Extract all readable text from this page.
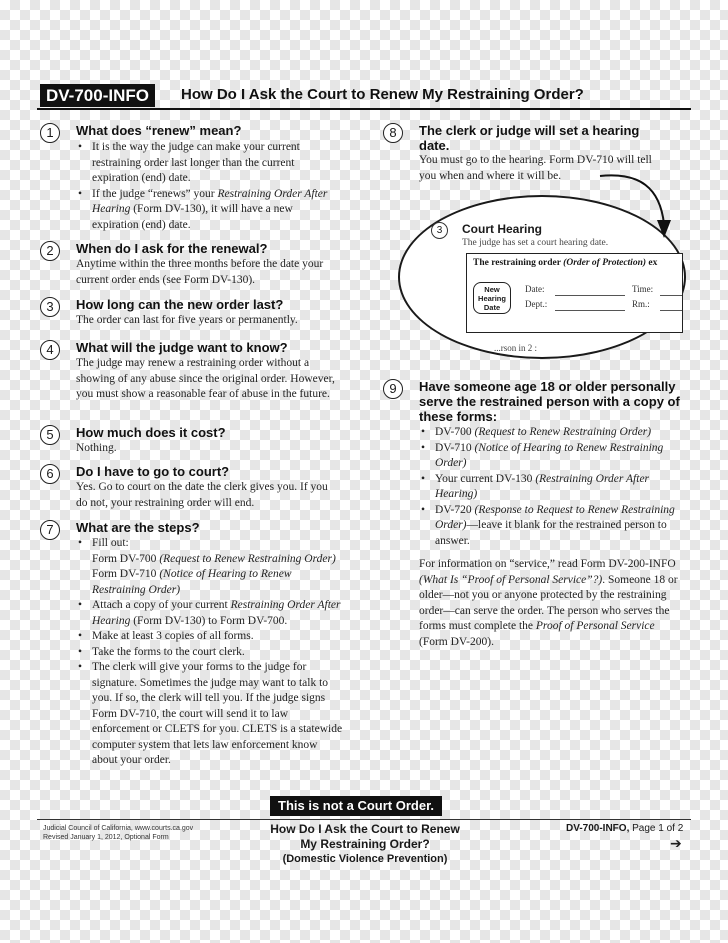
DV-700-INFO	How Do I Ask the Court to Renew My Restraining Order?
1	What does “renew” mean?
• It is the way the judge can make your current restraining order last longer than the current expiration (end) date.
• If the judge “renews” your Restraining Order After Hearing (Form DV-130), it will have a new expiration (end) date.
2	When do I ask for the renewal?
Anytime within the three months before the date your current order ends (see Form DV-130).
3	How long can the new order last?
The order can last for five years or permanently.
4	What will the judge want to know?
The judge may renew a restraining order without a showing of any abuse since the original order. However, you must show a reasonable fear of abuse in the future.
5	How much does it cost?
Nothing.
6	Do I have to go to court?
Yes. Go to court on the date the clerk gives you. If you do not, your restraining order will end.
7	What are the steps?
• Fill out:
Form DV-700 (Request to Renew Restraining Order)
Form DV-710 (Notice of Hearing to Renew Restraining Order)
• Attach a copy of your current Restraining Order After Hearing (Form DV-130) to Form DV-700.
• Make at least 3 copies of all forms.
• Take the forms to the court clerk.
• The clerk will give your forms to the judge for signature. Sometimes the judge may want to talk to you. If so, the clerk will tell you. If the judge signs Form DV-710, the court will send it to law enforcement or CLETS for you. CLETS is a statewide computer system that lets law enforcement know about your order.
8	The clerk or judge will set a hearing date.
You must go to the hearing. Form DV-710 will tell you when and where it will be.
9	Have someone age 18 or older personally serve the restrained person with a copy of these forms:
• DV-700 (Request to Renew Restraining Order)
• DV-710 (Notice of Hearing to Renew Restraining Order)
• Your current DV-130 (Restraining Order After Hearing)
• DV-720 (Response to Request to Renew Restraining Order)—leave it blank for the restrained person to answer.
For information on “service,” read Form DV-200-INFO (What Is “Proof of Personal Service”?). Someone 18 or older—not you or anyone protected by the restraining order—can serve the order. The person who serves the forms must complete the Proof of Personal Service (Form DV-200).
3	Court Hearing
The judge has set a court hearing date.
The restraining order (Order of Protection) ex
New Hearing Date
Date:	Time:
Dept.:	Rm.:
...rson in 2 :
This is not a Court Order.
Judicial Council of California, www.courts.ca.gov
Revised January 1, 2012, Optional Form
How Do I Ask the Court to Renew
My Restraining Order?
(Domestic Violence Prevention)
DV-700-INFO, Page 1 of 2
➔
